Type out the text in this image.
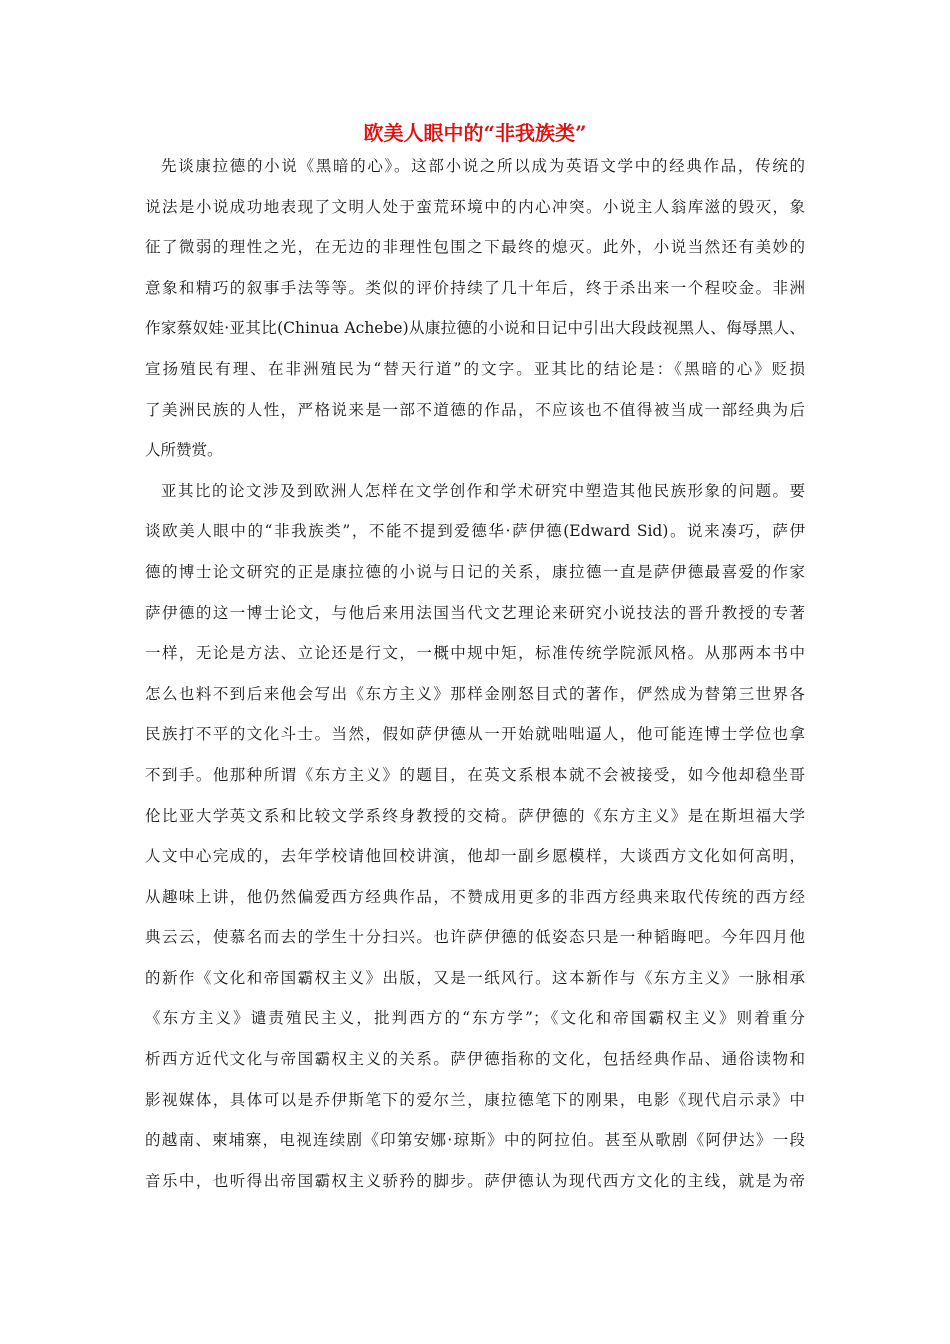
欧美人眼中的“非我族类”
先谈康拉德的小说《黑暗的心》。这部小说之所以成为英语文学中的经典作品，传统的
说法是小说成功地表现了文明人处于蛮荒环境中的内心冲突。小说主人翁库滋的毁灭，象
征了微弱的理性之光，在无边的非理性包围之下最终的熄灭。此外，小说当然还有美妙的
意象和精巧的叙事手法等等。类似的评价持续了几十年后，终于杀出来一个程咬金。非洲
作家蔡奴娃·亚其比(Chinua Achebe)从康拉德的小说和日记中引出大段歧视黑人、侮辱黑人、
宣扬殖民有理、在非洲殖民为“替天行道”的文字。亚其比的结论是：《黑暗的心》贬损
了美洲民族的人性，严格说来是一部不道德的作品，不应该也不值得被当成一部经典为后
人所赞赏。
亚其比的论文涉及到欧洲人怎样在文学创作和学术研究中塑造其他民族形象的问题。要
谈欧美人眼中的“非我族类”，不能不提到爱德华·萨伊德(Edward Sid)。说来凑巧，萨伊
德的博士论文研究的正是康拉德的小说与日记的关系，康拉德一直是萨伊德最喜爱的作家
萨伊德的这一博士论文，与他后来用法国当代文艺理论来研究小说技法的晋升教授的专著
一样，无论是方法、立论还是行文，一概中规中矩，标准传统学院派风格。从那两本书中
怎么也料不到后来他会写出《东方主义》那样金刚怒目式的著作，俨然成为替第三世界各
民族打不平的文化斗士。当然，假如萨伊德从一开始就咄咄逼人，他可能连博士学位也拿
不到手。他那种所谓《东方主义》的题目，在英文系根本就不会被接受，如今他却稳坐哥
伦比亚大学英文系和比较文学系终身教授的交椅。萨伊德的《东方主义》是在斯坦福大学
人文中心完成的，去年学校请他回校讲演，他却一副乡愿模样，大谈西方文化如何高明，
从趣味上讲，他仍然偏爱西方经典作品，不赞成用更多的非西方经典来取代传统的西方经
典云云，使慕名而去的学生十分扫兴。也许萨伊德的低姿态只是一种韬晦吧。今年四月他
的新作《文化和帝国霸权主义》出版，又是一纸风行。这本新作与《东方主义》一脉相承
《东方主义》谴责殖民主义，批判西方的“东方学”；《文化和帝国霸权主义》则着重分
析西方近代文化与帝国霸权主义的关系。萨伊德指称的文化，包括经典作品、通俗读物和
影视媒体，具体可以是乔伊斯笔下的爱尔兰，康拉德笔下的刚果，电影《现代启示录》中
的越南、柬埔寨，电视连续剧《印第安娜·琼斯》中的阿拉伯。甚至从歌剧《阿伊达》一段
音乐中，也听得出帝国霸权主义骄矜的脚步。萨伊德认为现代西方文化的主线，就是为帝
